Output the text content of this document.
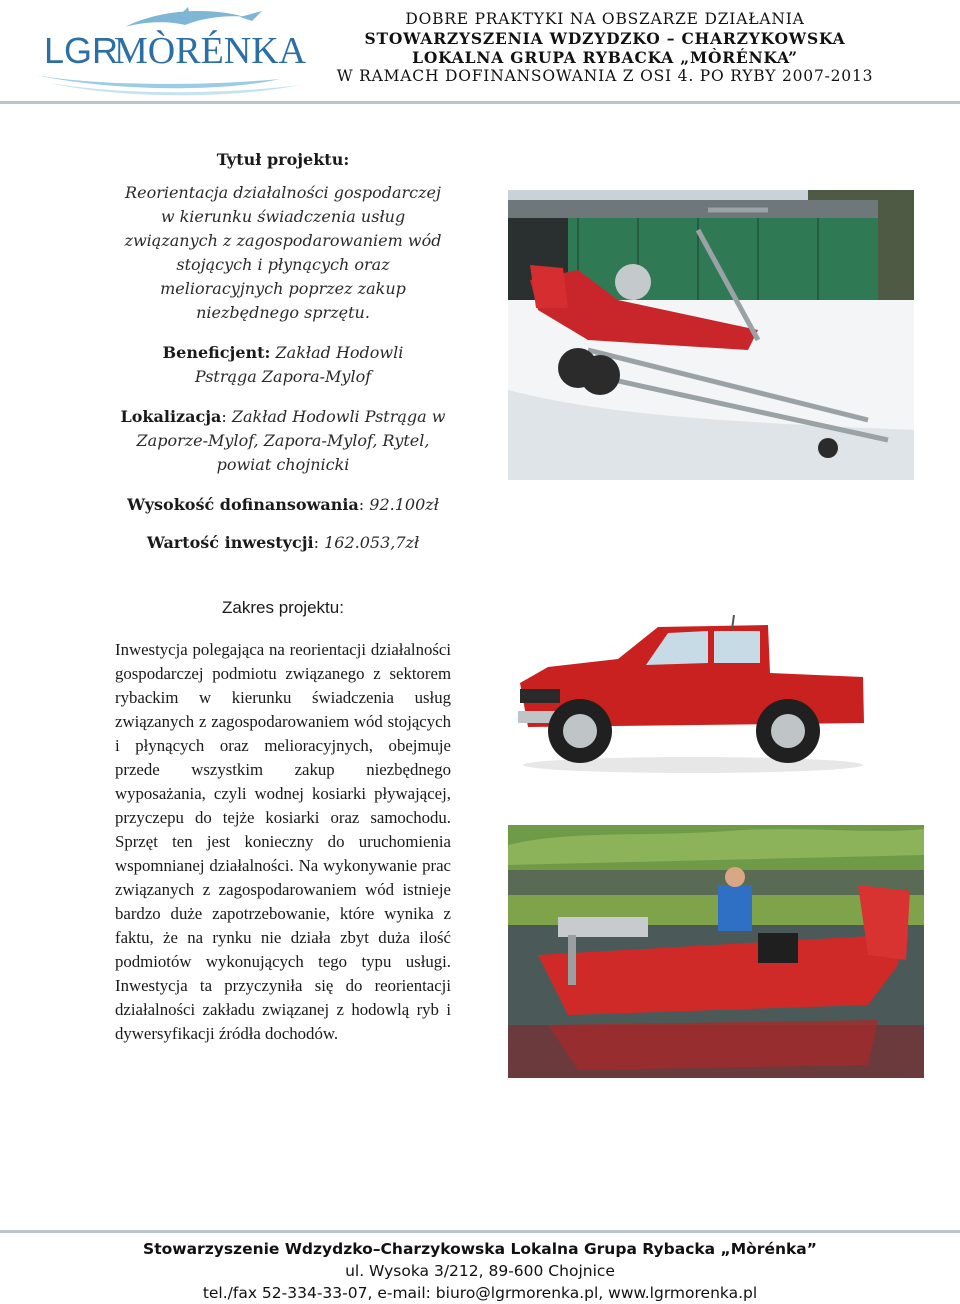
LGR
MÒRÉNKA
DOBRE PRAKTYKI NA OBSZARZE DZIAŁANIA
STOWARZYSZENIA WDZYDZKO – CHARZYKOWSKA
LOKALNA GRUPA RYBACKA „MÒRÉNKA”
W RAMACH DOFINANSOWANIA Z OSI 4. PO RYBY 2007-2013
Tytuł projektu:
Reorientacja działalności gospodarczej w kierunku świadczenia usług związanych z zagospodarowaniem wód stojących i płynących oraz melioracyjnych poprzez zakup niezbędnego sprzętu.
Beneficjent: Zakład Hodowli Pstrąga Zapora-Mylof
Lokalizacja: Zakład Hodowli Pstrąga w Zaporze-Mylof, Zapora-Mylof, Rytel, powiat chojnicki
Wysokość dofinansowania: 92.100zł
Wartość inwestycji: 162.053,7zł
Zakres projektu:
Inwestycja polegająca na reorientacji działalności gospodarczej podmiotu związanego z sektorem rybackim w kierunku świadczenia usług związanych z zagospodarowaniem wód stojących i płynących oraz melioracyjnych, obejmuje przede wszystkim zakup niezbędnego wyposażania, czyli wodnej kosiarki pływającej, przyczepu do tejże kosiarki oraz samochodu. Sprzęt ten jest konieczny do uruchomienia wspomnianej działalności. Na wykonywanie prac związanych z zagospodarowaniem wód istnieje bardzo duże zapotrzebowanie, które wynika z faktu, że na rynku nie działa zbyt duża ilość podmiotów wykonujących tego typu usługi. Inwestycja ta przyczyniła się do reorientacji działalności zakładu związanej z hodowlą ryb i dywersyfikacji źródła dochodów.
Stowarzyszenie Wdzydzko–Charzykowska Lokalna Grupa Rybacka „Mòrénka”
ul. Wysoka 3/212, 89-600 Chojnice
tel./fax 52-334-33-07, e-mail: biuro@lgrmorenka.pl, www.lgrmorenka.pl
